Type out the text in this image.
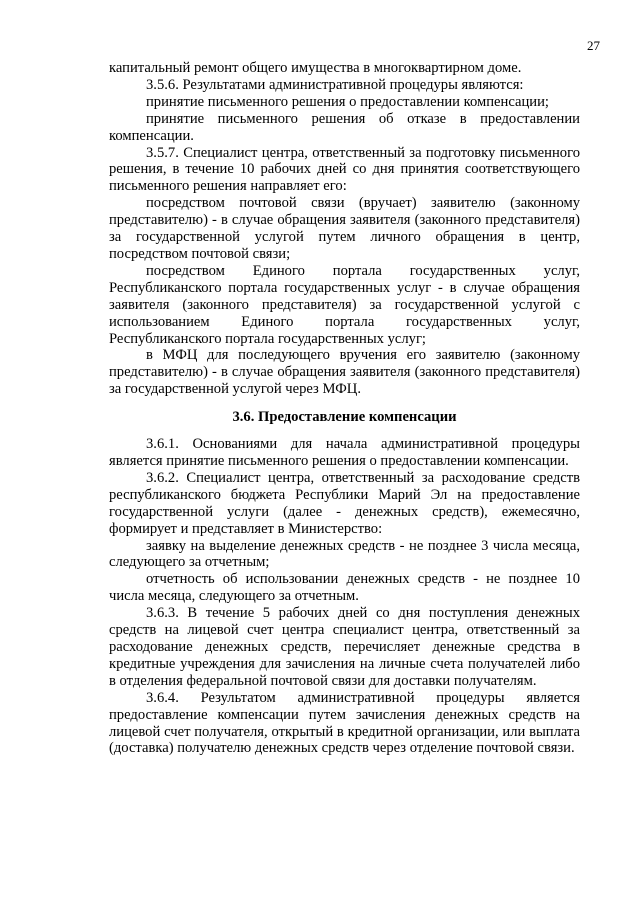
27

капитальный ремонт общего имущества в многоквартирном доме.

3.5.6. Результатами административной процедуры являются:

принятие письменного решения о предоставлении компенсации;

принятие письменного решения об отказе в предоставлении компенсации.

3.5.7. Специалист центра, ответственный за подготовку письменного решения, в течение 10 рабочих дней со дня принятия соответствующего письменного решения направляет его:

посредством почтовой связи (вручает) заявителю (законному представителю) - в случае обращения заявителя (законного представителя) за государственной услугой путем личного обращения в центр, посредством почтовой связи;

посредством Единого портала государственных услуг, Республиканского портала государственных услуг - в случае обращения заявителя (законного представителя) за государственной услугой с использованием Единого портала государственных услуг, Республиканского портала государственных услуг;

в МФЦ для последующего вручения его заявителю (законному представителю) - в случае обращения заявителя (законного представителя) за государственной услугой через МФЦ.

3.6. Предоставление компенсации

3.6.1. Основаниями для начала административной процедуры является принятие письменного решения о предоставлении компенсации.

3.6.2. Специалист центра, ответственный за расходование средств республиканского бюджета Республики Марий Эл на предоставление государственной услуги (далее - денежных средств), ежемесячно, формирует и представляет в Министерство:

заявку на выделение денежных средств - не позднее 3 числа месяца, следующего за отчетным;

отчетность об использовании денежных средств - не позднее 10 числа месяца, следующего за отчетным.

3.6.3. В течение 5 рабочих дней со дня поступления денежных средств на лицевой счет центра специалист центра, ответственный за расходование денежных средств, перечисляет денежные средства в кредитные учреждения для зачисления на личные счета получателей либо в отделения федеральной почтовой связи для доставки получателям.

3.6.4. Результатом административной процедуры является предоставление компенсации путем зачисления денежных средств на лицевой счет получателя, открытый в кредитной организации, или выплата (доставка) получателю денежных средств через отделение почтовой связи.
